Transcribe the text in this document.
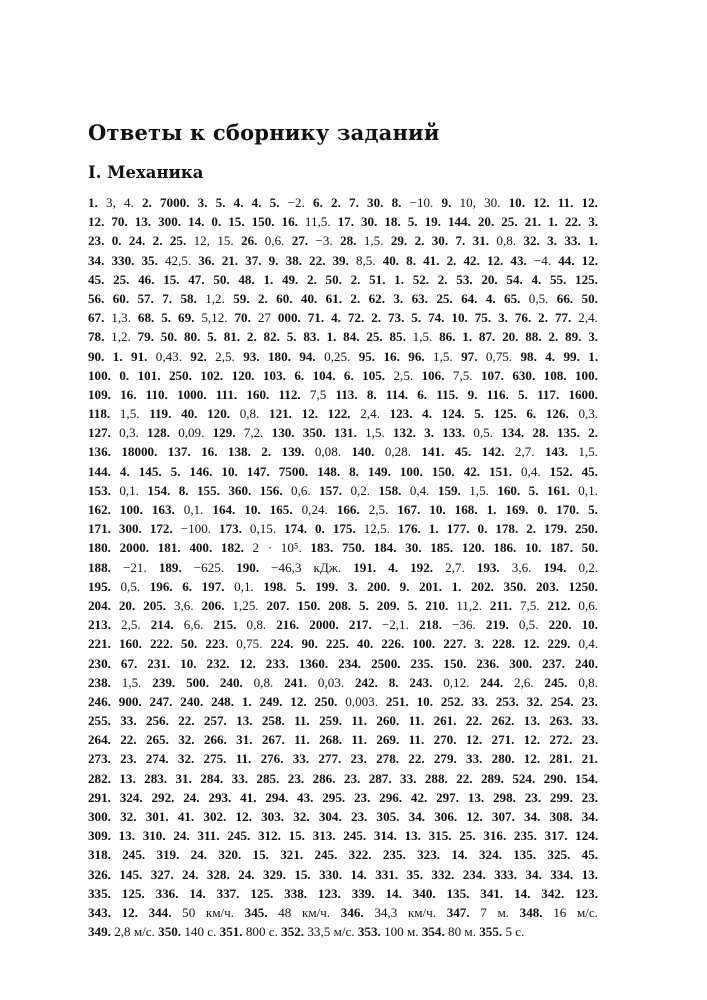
Ответы к сборнику заданий
I. Механика
1. 3, 4. 2. 7000. 3. 5. 4. 4. 5. −2. 6. 2. 7. 30. 8. −10. 9. 10, 30. 10. 12. 11. 12.
12. 70. 13. 300. 14. 0. 15. 150. 16. 11,5. 17. 30. 18. 5. 19. 144. 20. 25. 21. 1. 22. 3.
23. 0. 24. 2. 25. 12, 15. 26. 0,6. 27. −3. 28. 1,5. 29. 2. 30. 7. 31. 0,8. 32. 3. 33. 1.
34. 330. 35. 42,5. 36. 21. 37. 9. 38. 22. 39. 8,5. 40. 8. 41. 2. 42. 12. 43. −4. 44. 12.
45. 25. 46. 15. 47. 50. 48. 1. 49. 2. 50. 2. 51. 1. 52. 2. 53. 20. 54. 4. 55. 125.
56. 60. 57. 7. 58. 1,2. 59. 2. 60. 40. 61. 2. 62. 3. 63. 25. 64. 4. 65. 0,5. 66. 50.
67. 1,3. 68. 5. 69. 5,12. 70. 27 000. 71. 4. 72. 2. 73. 5. 74. 10. 75. 3. 76. 2. 77. 2,4.
78. 1,2. 79. 50. 80. 5. 81. 2. 82. 5. 83. 1. 84. 25. 85. 1,5. 86. 1. 87. 20. 88. 2. 89. 3.
90. 1. 91. 0,43. 92. 2,5. 93. 180. 94. 0,25. 95. 16. 96. 1,5. 97. 0,75. 98. 4. 99. 1.
100. 0. 101. 250. 102. 120. 103. 6. 104. 6. 105. 2,5. 106. 7,5. 107. 630. 108. 100.
109. 16. 110. 1000. 111. 160. 112. 7,5 113. 8. 114. 6. 115. 9. 116. 5. 117. 1600.
118. 1,5. 119. 40. 120. 0,8. 121. 12. 122. 2,4. 123. 4. 124. 5. 125. 6. 126. 0,3.
127. 0,3. 128. 0,09. 129. 7,2. 130. 350. 131. 1,5. 132. 3. 133. 0,5. 134. 28. 135. 2.
136. 18000. 137. 16. 138. 2. 139. 0,08. 140. 0,28. 141. 45. 142. 2,7. 143. 1,5.
144. 4. 145. 5. 146. 10. 147. 7500. 148. 8. 149. 100. 150. 42. 151. 0,4. 152. 45.
153. 0,1. 154. 8. 155. 360. 156. 0,6. 157. 0,2. 158. 0,4. 159. 1,5. 160. 5. 161. 0,1.
162. 100. 163. 0,1. 164. 10. 165. 0,24. 166. 2,5. 167. 10. 168. 1. 169. 0. 170. 5.
171. 300. 172. −100. 173. 0,15. 174. 0. 175. 12,5. 176. 1. 177. 0. 178. 2. 179. 250.
180. 2000. 181. 400. 182. 2 · 10⁵. 183. 750. 184. 30. 185. 120. 186. 10. 187. 50.
188. −21. 189. −625. 190. −46,3 кДж. 191. 4. 192. 2,7. 193. 3,6. 194. 0,2.
195. 0,5. 196. 6. 197. 0,1. 198. 5. 199. 3. 200. 9. 201. 1. 202. 350. 203. 1250.
204. 20. 205. 3,6. 206. 1,25. 207. 150. 208. 5. 209. 5. 210. 11,2. 211. 7,5. 212. 0,6.
213. 2,5. 214. 6,6. 215. 0,8. 216. 2000. 217. −2,1. 218. −36. 219. 0,5. 220. 10.
221. 160. 222. 50. 223. 0,75. 224. 90. 225. 40. 226. 100. 227. 3. 228. 12. 229. 0,4.
230. 67. 231. 10. 232. 12. 233. 1360. 234. 2500. 235. 150. 236. 300. 237. 240.
238. 1,5. 239. 500. 240. 0,8. 241. 0,03. 242. 8. 243. 0,12. 244. 2,6. 245. 0,8.
246. 900. 247. 240. 248. 1. 249. 12. 250. 0,003. 251. 10. 252. 33. 253. 32. 254. 23.
255. 33. 256. 22. 257. 13. 258. 11. 259. 11. 260. 11. 261. 22. 262. 13. 263. 33.
264. 22. 265. 32. 266. 31. 267. 11. 268. 11. 269. 11. 270. 12. 271. 12. 272. 23.
273. 23. 274. 32. 275. 11. 276. 33. 277. 23. 278. 22. 279. 33. 280. 12. 281. 21.
282. 13. 283. 31. 284. 33. 285. 23. 286. 23. 287. 33. 288. 22. 289. 524. 290. 154.
291. 324. 292. 24. 293. 41. 294. 43. 295. 23. 296. 42. 297. 13. 298. 23. 299. 23.
300. 32. 301. 41. 302. 12. 303. 32. 304. 23. 305. 34. 306. 12. 307. 34. 308. 34.
309. 13. 310. 24. 311. 245. 312. 15. 313. 245. 314. 13. 315. 25. 316. 235. 317. 124.
318. 245. 319. 24. 320. 15. 321. 245. 322. 235. 323. 14. 324. 135. 325. 45.
326. 145. 327. 24. 328. 24. 329. 15. 330. 14. 331. 35. 332. 234. 333. 34. 334. 13.
335. 125. 336. 14. 337. 125. 338. 123. 339. 14. 340. 135. 341. 14. 342. 123.
343. 12. 344. 50 км/ч. 345. 48 км/ч. 346. 34,3 км/ч. 347. 7 м. 348. 16 м/с.
349. 2,8 м/с. 350. 140 с. 351. 800 с. 352. 33,5 м/с. 353. 100 м. 354. 80 м. 355. 5 с.
